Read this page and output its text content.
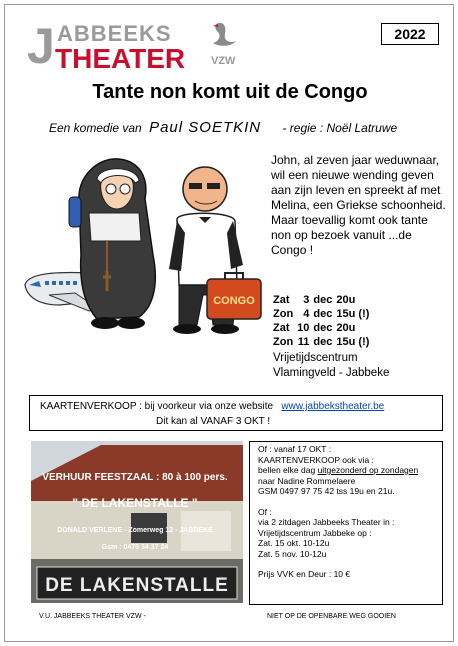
J ABBEEKS
THEATER VZW
2022
Tante non komt uit de Congo
Een komedie van Paul SOETKIN - regie : Noël Latruwe
CONGO
John, al zeven jaar weduwnaar, wil een nieuwe wending geven aan zijn leven en spreekt af met Melina, een Griekse schoonheid. Maar toevallig komt ook tante non op bezoek vanuit ...de Congo !
Zat	3	dec	20u
Zon	4	dec	15u (!)
Zat	10	dec	20u
Zon	11	dec	15u (!)
Vrijetijdscentrum
Vlamingveld - Jabbeke
KAARTENVERKOOP : bij voorkeur via onze website www.jabbekstheater.be
Dit kan al VANAF 3 OKT !
VERHUUR FEESTZAAL : 80 à 100 pers.
" DE LAKENSTALLE "
DONALD VERLENE - Zomerweg 12 - JABBEKE
Gsm : 0475 34 37 24
DE LAKENSTALLE
Of : vanaf 17 OKT :
KAARTENVERKOOP ook via :
bellen elke dag uitgezonderd op zondagen
naar Nadine Rommelaere
GSM 0497 97 75 42 tss 19u en 21u.
Of :
via 2 zitdagen Jabbeeks Theater in :
Vrijetijdscentrum Jabbeke op :
Zat. 15 okt. 10-12u
Zat. 5 nov. 10-12u
Prijs VVK en Deur : 10 €
V.U. JABBEEKS THEATER VZW -	NIET OP DE OPENBARE WEG GOOIEN
